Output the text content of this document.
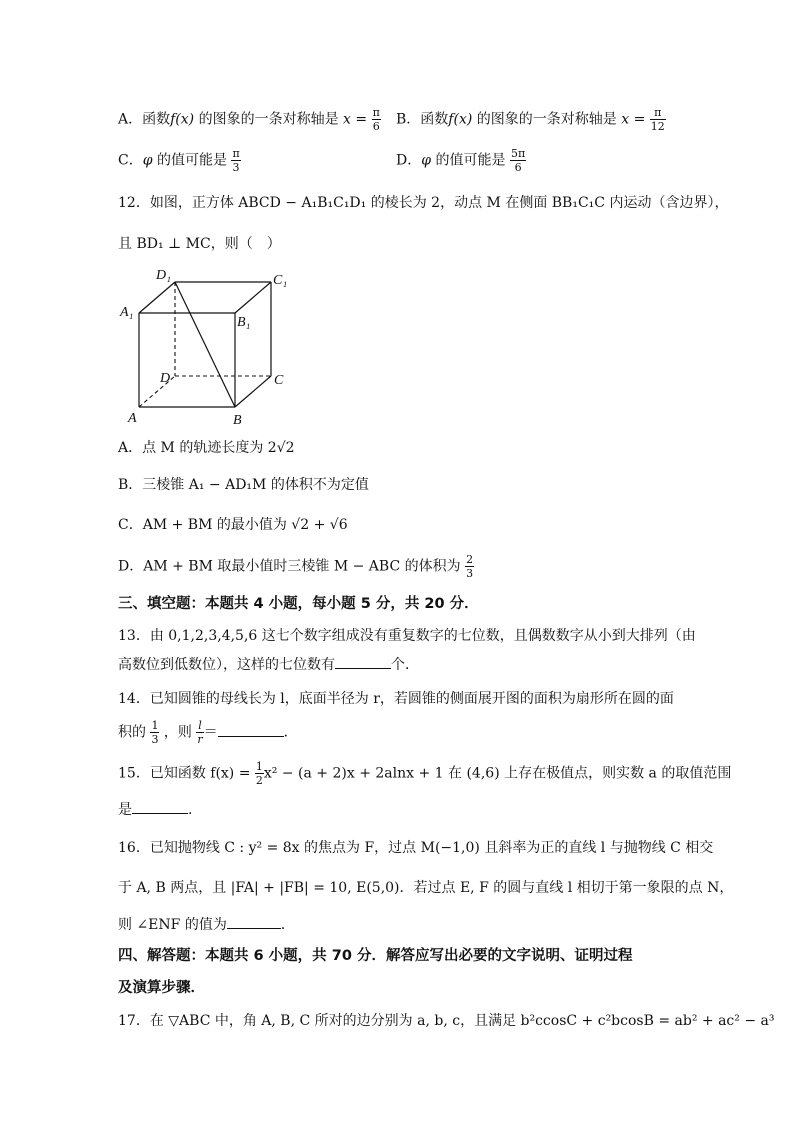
A．函数f(x) 的图象的一条对称轴是 $x = \frac{\pi}{6}$ B．函数f(x) 的图象的一条对称轴是 $x = \frac{\pi}{12}$
C．φ 的值可能是 $\frac{\pi}{3}$	D．φ 的值可能是 $\frac{5\pi}{6}$
12．如图，正方体 ABCD − A₁B₁C₁D₁ 的棱长为 2，动点 M 在侧面 BB₁C₁C 内运动（含边界），
且 BD₁ ⊥ MC，则（　）
D₁	C₁
A₁
B₁
D	C
A	B
A．点 M 的轨迹长度为 2√2
B．三棱锥 A₁ − AD₁M 的体积不为定值
C．AM + BM 的最小值为 √2 + √6
D．AM + BM 取最小值时三棱锥 M − ABC 的体积为 $\frac{2}{3}$
三、填空题：本题共 4 小题，每小题 5 分，共 20 分．
13．由 0,1,2,3,4,5,6 这七个数字组成没有重复数字的七位数，且偶数数字从小到大排列（由
高数位到低数位），这样的七位数有	个．
14．已知圆锥的母线长为 l，底面半径为 r，若圆锥的侧面展开图的面积为扇形所在圆的面
积的 $\frac{1}{3}$ ，则 $\frac{l}{r}$ ＝	．
15．已知函数 $f(x) = \frac{1}{2} x^2 - (a + 2)x + 2alnx + 1$ 在 (4,6) 上存在极值点，则实数 a 的取值范围
是	.
16．已知抛物线 C : y² = 8x 的焦点为 F，过点 M(−1,0) 且斜率为正的直线 l 与抛物线 C 相交
于 A, B 两点，且 |FA| + |FB| = 10, E(5,0)．若过点 E, F 的圆与直线 l 相切于第一象限的点 N，
则 ∠ENF 的值为	．
四、解答题：本题共 6 小题，共 70 分．解答应写出必要的文字说明、证明过程
及演算步骤．
17．在 ▽ABC 中，角 A, B, C 所对的边分别为 a, b, c，且满足 b²ccosC + c²bcosB = ab² + ac² − a³
